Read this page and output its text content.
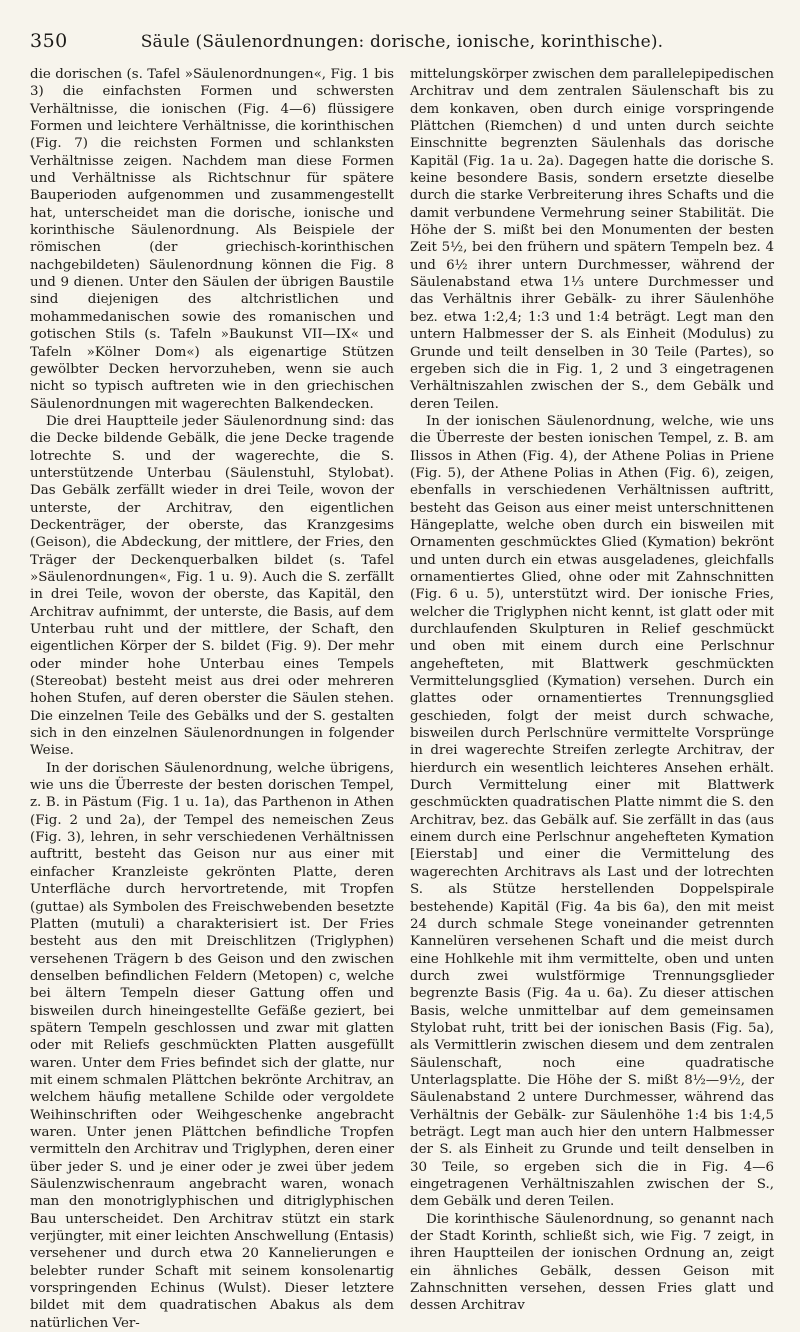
350	Säule (Säulenordnungen: dorische, ionische, korinthische).

die dorischen (s. Tafel »Säulenordnungen«, Fig. 1 bis 3) die einfachsten Formen und schwersten Verhältnisse, die ionischen (Fig. 4—6) flüssigere Formen und leichtere Verhältnisse, die korinthischen (Fig. 7) die reichsten Formen und schlanksten Verhältnisse zeigen. Nachdem man diese Formen und Verhältnisse als Richtschnur für spätere Bauperioden aufgenommen und zusammengestellt hat, unterscheidet man die dorische, ionische und korinthische Säulenordnung. Als Beispiele der römischen (der griechisch-korinthischen nachgebildeten) Säulenordnung können die Fig. 8 und 9 dienen. Unter den Säulen der übrigen Baustile sind diejenigen des altchristlichen und mohammedanischen sowie des romanischen und gotischen Stils (s. Tafeln »Baukunst VII—IX« und Tafeln »Kölner Dom«) als eigenartige Stützen gewölbter Decken hervorzuheben, wenn sie auch nicht so typisch auftreten wie in den griechischen Säulenordnungen mit wagerechten Balkendecken.

Die drei Hauptteile jeder Säulenordnung sind: das die Decke bildende Gebälk, die jene Decke tragende lotrechte S. und der wagerechte, die S. unterstützende Unterbau (Säulenstuhl, Stylobat). Das Gebälk zerfällt wieder in drei Teile, wovon der unterste, der Architrav, den eigentlichen Deckenträger, der oberste, das Kranzgesims (Geison), die Abdeckung, der mittlere, der Fries, den Träger der Deckenquerbalken bildet (s. Tafel »Säulenordnungen«, Fig. 1 u. 9). Auch die S. zerfällt in drei Teile, wovon der oberste, das Kapitäl, den Architrav aufnimmt, der unterste, die Basis, auf dem Unterbau ruht und der mittlere, der Schaft, den eigentlichen Körper der S. bildet (Fig. 9). Der mehr oder minder hohe Unterbau eines Tempels (Stereobat) besteht meist aus drei oder mehreren hohen Stufen, auf deren oberster die Säulen stehen. Die einzelnen Teile des Gebälks und der S. gestalten sich in den einzelnen Säulenordnungen in folgender Weise.

In der dorischen Säulenordnung, welche übrigens, wie uns die Überreste der besten dorischen Tempel, z. B. in Pästum (Fig. 1 u. 1a), das Parthenon in Athen (Fig. 2 und 2a), der Tempel des nemeischen Zeus (Fig. 3), lehren, in sehr verschiedenen Verhältnissen auftritt, besteht das Geison nur aus einer mit einfacher Kranzleiste gekrönten Platte, deren Unterfläche durch hervortretende, mit Tropfen (guttae) als Symbolen des Freischwebenden besetzte Platten (mutuli) a charakterisiert ist. Der Fries besteht aus den mit Dreischlitzen (Triglyphen) versehenen Trägern b des Geison und den zwischen denselben befindlichen Feldern (Metopen) c, welche bei ältern Tempeln dieser Gattung offen und bisweilen durch hineingestellte Gefäße geziert, bei spätern Tempeln geschlossen und zwar mit glatten oder mit Reliefs geschmückten Platten ausgefüllt waren. Unter dem Fries befindet sich der glatte, nur mit einem schmalen Plättchen bekrönte Architrav, an welchem häufig metallene Schilde oder vergoldete Weihinschriften oder Weihgeschenke angebracht waren. Unter jenen Plättchen befindliche Tropfen vermitteln den Architrav und Triglyphen, deren einer über jeder S. und je einer oder je zwei über jedem Säulenzwischenraum angebracht waren, wonach man den monotriglyphischen und ditriglyphischen Bau unterscheidet. Den Architrav stützt ein stark verjüngter, mit einer leichten Anschwellung (Entasis) versehener und durch etwa 20 Kannelierungen e belebter runder Schaft mit seinem konsolenartig vorspringenden Echinus (Wulst). Dieser letztere bildet mit dem quadratischen Abakus als dem natürlichen Ver-

mittelungskörper zwischen dem parallelepipedischen Architrav und dem zentralen Säulenschaft bis zu dem konkaven, oben durch einige vorspringende Plättchen (Riemchen) d und unten durch seichte Einschnitte begrenzten Säulenhals das dorische Kapitäl (Fig. 1a u. 2a). Dagegen hatte die dorische S. keine besondere Basis, sondern ersetzte dieselbe durch die starke Verbreiterung ihres Schafts und die damit verbundene Vermehrung seiner Stabilität. Die Höhe der S. mißt bei den Monumenten der besten Zeit 5½, bei den frühern und spätern Tempeln bez. 4 und 6½ ihrer untern Durchmesser, während der Säulenabstand etwa 1⅓ untere Durchmesser und das Verhältnis ihrer Gebälk- zu ihrer Säulenhöhe bez. etwa 1:2,4; 1:3 und 1:4 beträgt. Legt man den untern Halbmesser der S. als Einheit (Modulus) zu Grunde und teilt denselben in 30 Teile (Partes), so ergeben sich die in Fig. 1, 2 und 3 eingetragenen Verhältniszahlen zwischen der S., dem Gebälk und deren Teilen.

In der ionischen Säulenordnung, welche, wie uns die Überreste der besten ionischen Tempel, z. B. am Ilissos in Athen (Fig. 4), der Athene Polias in Priene (Fig. 5), der Athene Polias in Athen (Fig. 6), zeigen, ebenfalls in verschiedenen Verhältnissen auftritt, besteht das Geison aus einer meist unterschnittenen Hängeplatte, welche oben durch ein bisweilen mit Ornamenten geschmücktes Glied (Kymation) bekrönt und unten durch ein etwas ausgeladenes, gleichfalls ornamentiertes Glied, ohne oder mit Zahnschnitten (Fig. 6 u. 5), unterstützt wird. Der ionische Fries, welcher die Triglyphen nicht kennt, ist glatt oder mit durchlaufenden Skulpturen in Relief geschmückt und oben mit einem durch eine Perlschnur angehefteten, mit Blattwerk geschmückten Vermittelungsglied (Kymation) versehen. Durch ein glattes oder ornamentiertes Trennungsglied geschieden, folgt der meist durch schwache, bisweilen durch Perlschnüre vermittelte Vorsprünge in drei wagerechte Streifen zerlegte Architrav, der hierdurch ein wesentlich leichteres Ansehen erhält. Durch Vermittelung einer mit Blattwerk geschmückten quadratischen Platte nimmt die S. den Architrav, bez. das Gebälk auf. Sie zerfällt in das (aus einem durch eine Perlschnur angehefteten Kymation [Eierstab] und einer die Vermittelung des wagerechten Architravs als Last und der lotrechten S. als Stütze herstellenden Doppelspirale bestehende) Kapitäl (Fig. 4a bis 6a), den mit meist 24 durch schmale Stege voneinander getrennten Kannelüren versehenen Schaft und die meist durch eine Hohlkehle mit ihm vermittelte, oben und unten durch zwei wulstförmige Trennungsglieder begrenzte Basis (Fig. 4a u. 6a). Zu dieser attischen Basis, welche unmittelbar auf dem gemeinsamen Stylobat ruht, tritt bei der ionischen Basis (Fig. 5a), als Vermittlerin zwischen diesem und dem zentralen Säulenschaft, noch eine quadratische Unterlagsplatte. Die Höhe der S. mißt 8½—9½, der Säulenabstand 2 untere Durchmesser, während das Verhältnis der Gebälk- zur Säulenhöhe 1:4 bis 1:4,5 beträgt. Legt man auch hier den untern Halbmesser der S. als Einheit zu Grunde und teilt denselben in 30 Teile, so ergeben sich die in Fig. 4—6 eingetragenen Verhältniszahlen zwischen der S., dem Gebälk und deren Teilen.

Die korinthische Säulenordnung, so genannt nach der Stadt Korinth, schließt sich, wie Fig. 7 zeigt, in ihren Hauptteilen der ionischen Ordnung an, zeigt ein ähnliches Gebälk, dessen Geison mit Zahnschnitten versehen, dessen Fries glatt und dessen Architrav
